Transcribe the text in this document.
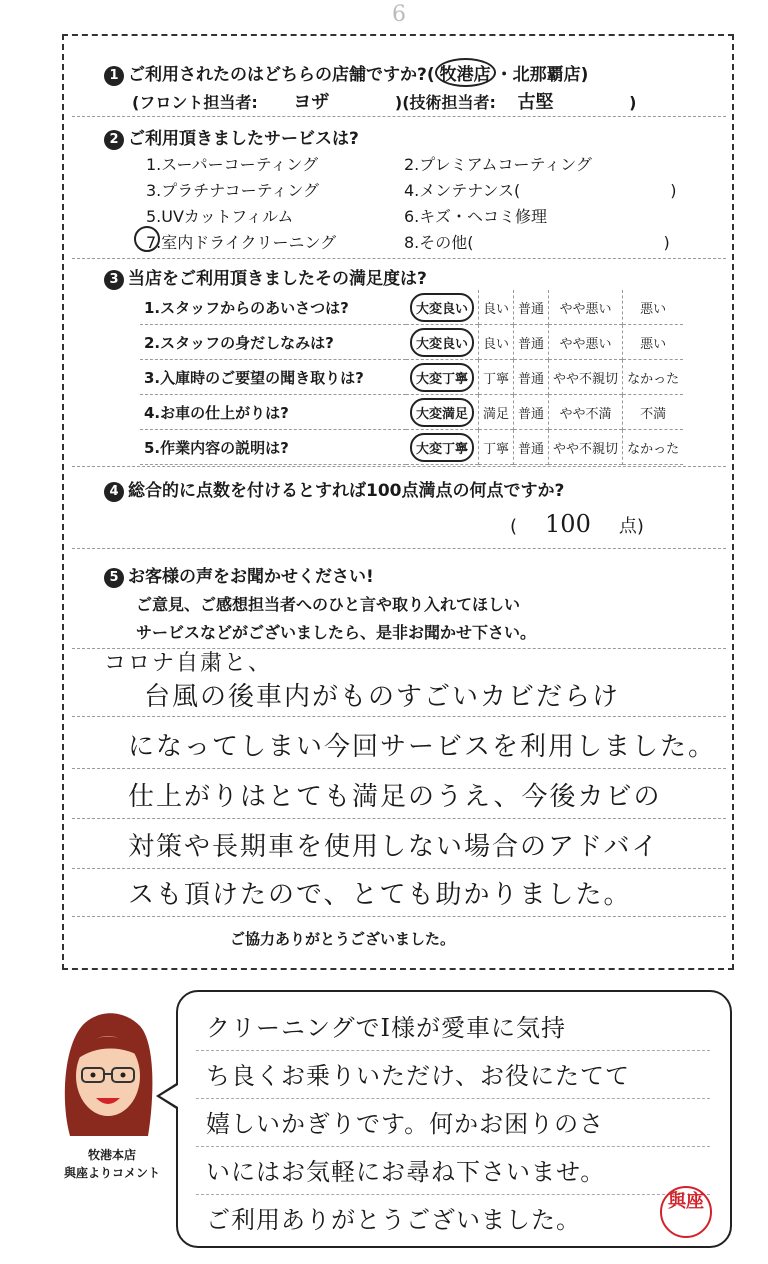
6
1 ご利用されたのはどちらの店舗ですか?( 牧港店 ・北那覇店)
(フロント担当者: ヨザ	)(技術担当者: 古堅	)
2 ご利用頂きましたサービスは?
1.スーパーコーティング	2.プレミアムコーティング
3.プラチナコーティング	4.メンテナンス(	)
5.UVカットフィルム	6.キズ・ヘコミ修理
7.室内ドライクリーニング	8.その他(	)
3 当店をご利用頂きましたその満足度は?
1.スタッフからのあいさつは?	大変良い	良い	普通	やや悪い	悪い
2.スタッフの身だしなみは?	大変良い	良い	普通	やや悪い	悪い
3.入庫時のご要望の聞き取りは?	大変丁寧	丁寧	普通	やや不親切	なかった
4.お車の仕上がりは?	大変満足	満足	普通	やや不満	不満
5.作業内容の説明は?	大変丁寧	丁寧	普通	やや不親切	なかった
4 総合的に点数を付けるとすれば100点満点の何点ですか?
( 100 点)
5 お客様の声をお聞かせください!
ご意見、ご感想担当者へのひと言や取り入れてほしい
サービスなどがございましたら、是非お聞かせ下さい。
コロナ自粛と、
台風の後車内がものすごいカビだらけ
になってしまい今回サービスを利用しました。
仕上がりはとても満足のうえ、今後カビの
対策や長期車を使用しない場合のアドバイ
スも頂けたので、とても助かりました。
ご協力ありがとうございました。
牧港本店
與座よりコメント
クリーニングでI様が愛車に気持
ち良くお乗りいただけ、お役にたてて
嬉しいかぎりです。何かお困りのさ
いにはお気軽にお尋ね下さいませ。
ご利用ありがとうございました。
與座
